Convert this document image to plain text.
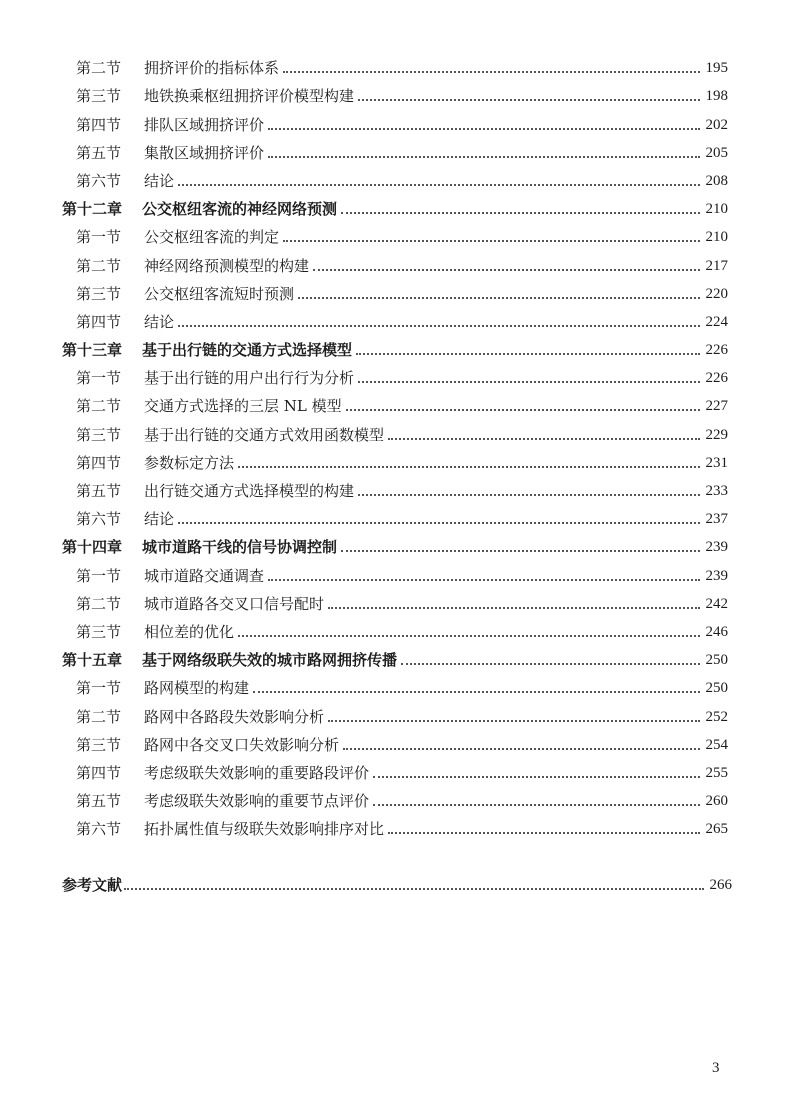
第二节	拥挤评价的指标体系	195
第三节	地铁换乘枢纽拥挤评价模型构建	198
第四节	排队区域拥挤评价	202
第五节	集散区域拥挤评价	205
第六节	结论	208
第十二章	公交枢纽客流的神经网络预测	210
第一节	公交枢纽客流的判定	210
第二节	神经网络预测模型的构建	217
第三节	公交枢纽客流短时预测	220
第四节	结论	224
第十三章	基于出行链的交通方式选择模型	226
第一节	基于出行链的用户出行行为分析	226
第二节	交通方式选择的三层 NL 模型	227
第三节	基于出行链的交通方式效用函数模型	229
第四节	参数标定方法	231
第五节	出行链交通方式选择模型的构建	233
第六节	结论	237
第十四章	城市道路干线的信号协调控制	239
第一节	城市道路交通调查	239
第二节	城市道路各交叉口信号配时	242
第三节	相位差的优化	246
第十五章	基于网络级联失效的城市路网拥挤传播	250
第一节	路网模型的构建	250
第二节	路网中各路段失效影响分析	252
第三节	路网中各交叉口失效影响分析	254
第四节	考虑级联失效影响的重要路段评价	255
第五节	考虑级联失效影响的重要节点评价	260
第六节	拓扑属性值与级联失效影响排序对比	265
参考文献	266
3
